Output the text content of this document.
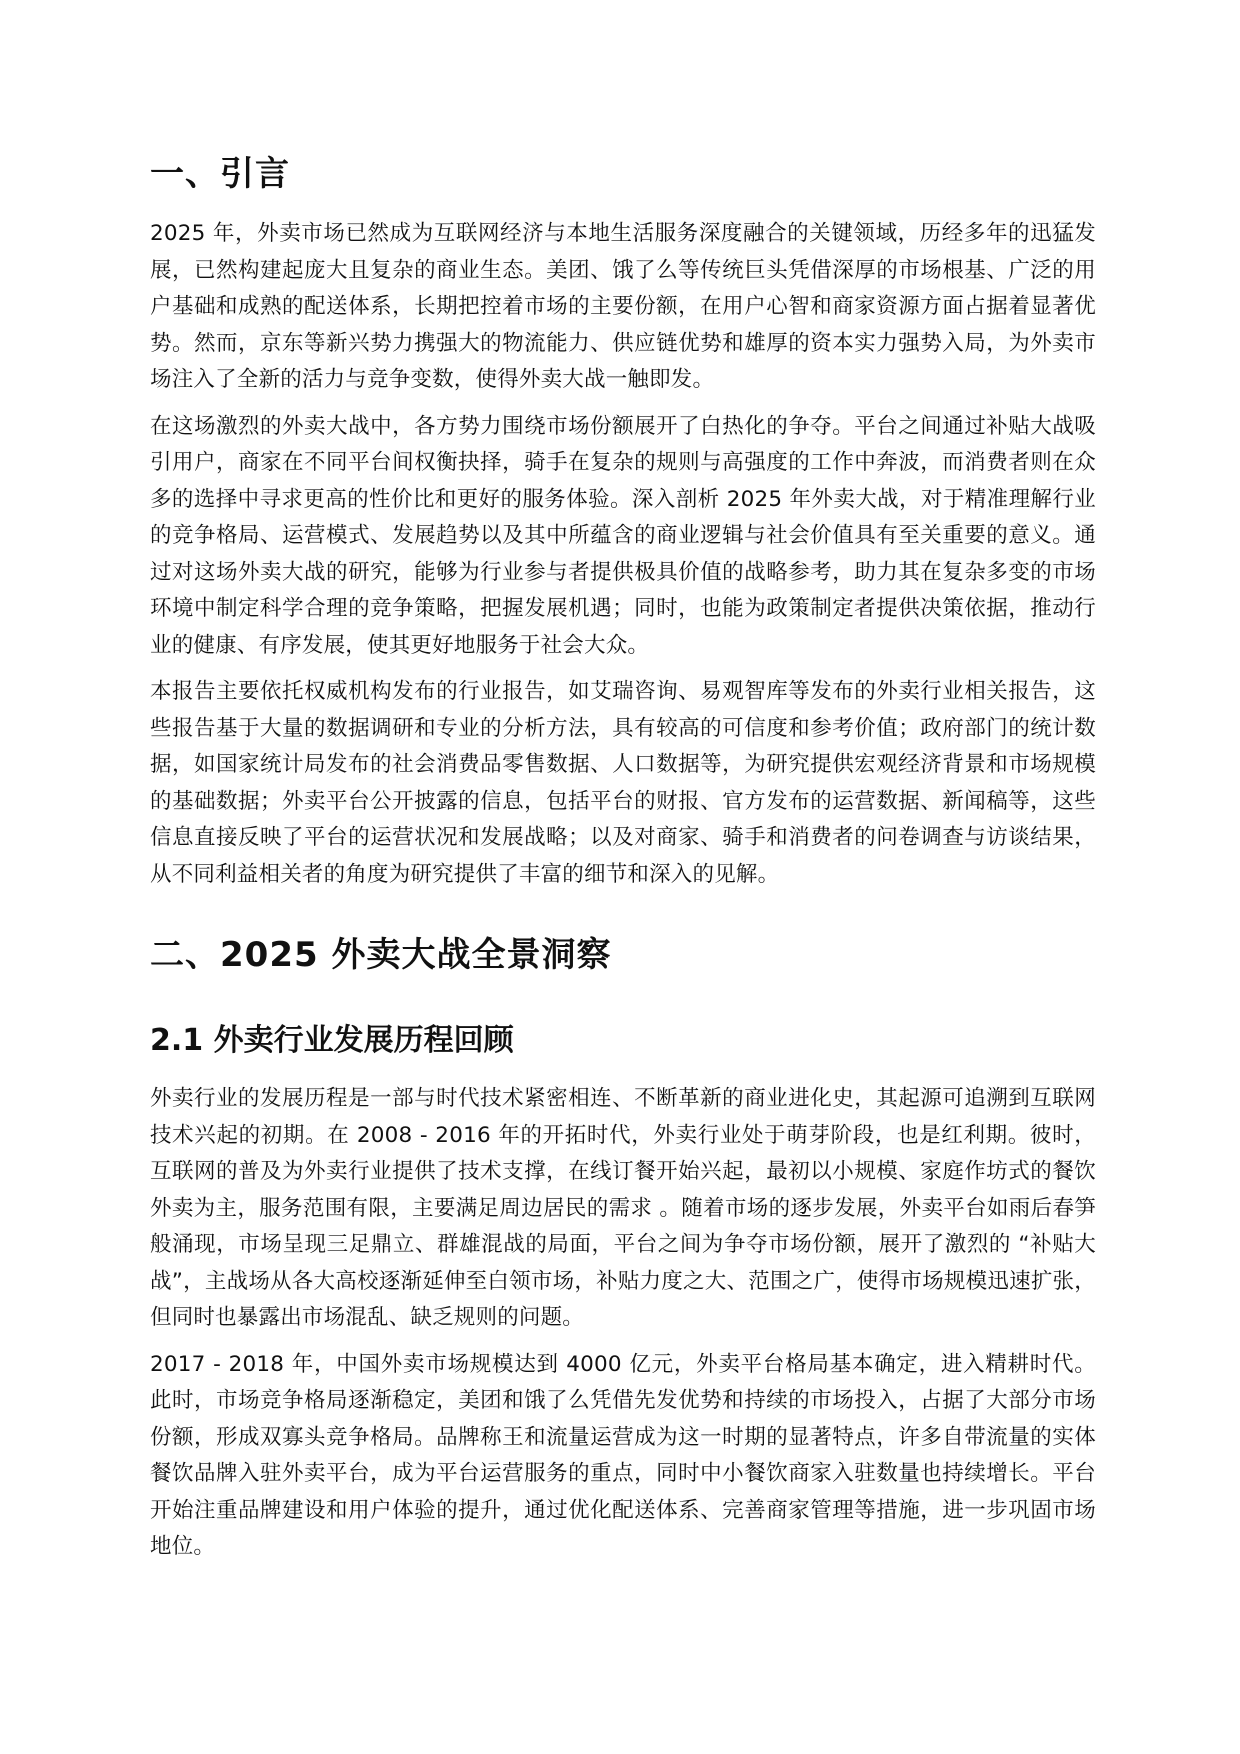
一、引言

2025 年，外卖市场已然成为互联网经济与本地生活服务深度融合的关键领域，历经多年的迅猛发展，已然构建起庞大且复杂的商业生态。美团、饿了么等传统巨头凭借深厚的市场根基、广泛的用户基础和成熟的配送体系，长期把控着市场的主要份额，在用户心智和商家资源方面占据着显著优势。然而，京东等新兴势力携强大的物流能力、供应链优势和雄厚的资本实力强势入局，为外卖市场注入了全新的活力与竞争变数，使得外卖大战一触即发。

在这场激烈的外卖大战中，各方势力围绕市场份额展开了白热化的争夺。平台之间通过补贴大战吸引用户，商家在不同平台间权衡抉择，骑手在复杂的规则与高强度的工作中奔波，而消费者则在众多的选择中寻求更高的性价比和更好的服务体验。深入剖析 2025 年外卖大战，对于精准理解行业的竞争格局、运营模式、发展趋势以及其中所蕴含的商业逻辑与社会价值具有至关重要的意义。通过对这场外卖大战的研究，能够为行业参与者提供极具价值的战略参考，助力其在复杂多变的市场环境中制定科学合理的竞争策略，把握发展机遇；同时，也能为政策制定者提供决策依据，推动行业的健康、有序发展，使其更好地服务于社会大众。

本报告主要依托权威机构发布的行业报告，如艾瑞咨询、易观智库等发布的外卖行业相关报告，这些报告基于大量的数据调研和专业的分析方法，具有较高的可信度和参考价值；政府部门的统计数据，如国家统计局发布的社会消费品零售数据、人口数据等，为研究提供宏观经济背景和市场规模的基础数据；外卖平台公开披露的信息，包括平台的财报、官方发布的运营数据、新闻稿等，这些信息直接反映了平台的运营状况和发展战略；以及对商家、骑手和消费者的问卷调查与访谈结果，从不同利益相关者的角度为研究提供了丰富的细节和深入的见解。

二、2025 外卖大战全景洞察
2.1 外卖行业发展历程回顾

外卖行业的发展历程是一部与时代技术紧密相连、不断革新的商业进化史，其起源可追溯到互联网技术兴起的初期。在 2008 - 2016 年的开拓时代，外卖行业处于萌芽阶段，也是红利期。彼时，互联网的普及为外卖行业提供了技术支撑，在线订餐开始兴起，最初以小规模、家庭作坊式的餐饮外卖为主，服务范围有限，主要满足周边居民的需求 。随着市场的逐步发展，外卖平台如雨后春笋般涌现，市场呈现三足鼎立、群雄混战的局面，平台之间为争夺市场份额，展开了激烈的 “补贴大战”，主战场从各大高校逐渐延伸至白领市场，补贴力度之大、范围之广，使得市场规模迅速扩张，但同时也暴露出市场混乱、缺乏规则的问题。

2017 - 2018 年，中国外卖市场规模达到 4000 亿元，外卖平台格局基本确定，进入精耕时代。此时，市场竞争格局逐渐稳定，美团和饿了么凭借先发优势和持续的市场投入，占据了大部分市场份额，形成双寡头竞争格局。品牌称王和流量运营成为这一时期的显著特点，许多自带流量的实体餐饮品牌入驻外卖平台，成为平台运营服务的重点，同时中小餐饮商家入驻数量也持续增长。平台开始注重品牌建设和用户体验的提升，通过优化配送体系、完善商家管理等措施，进一步巩固市场地位。
